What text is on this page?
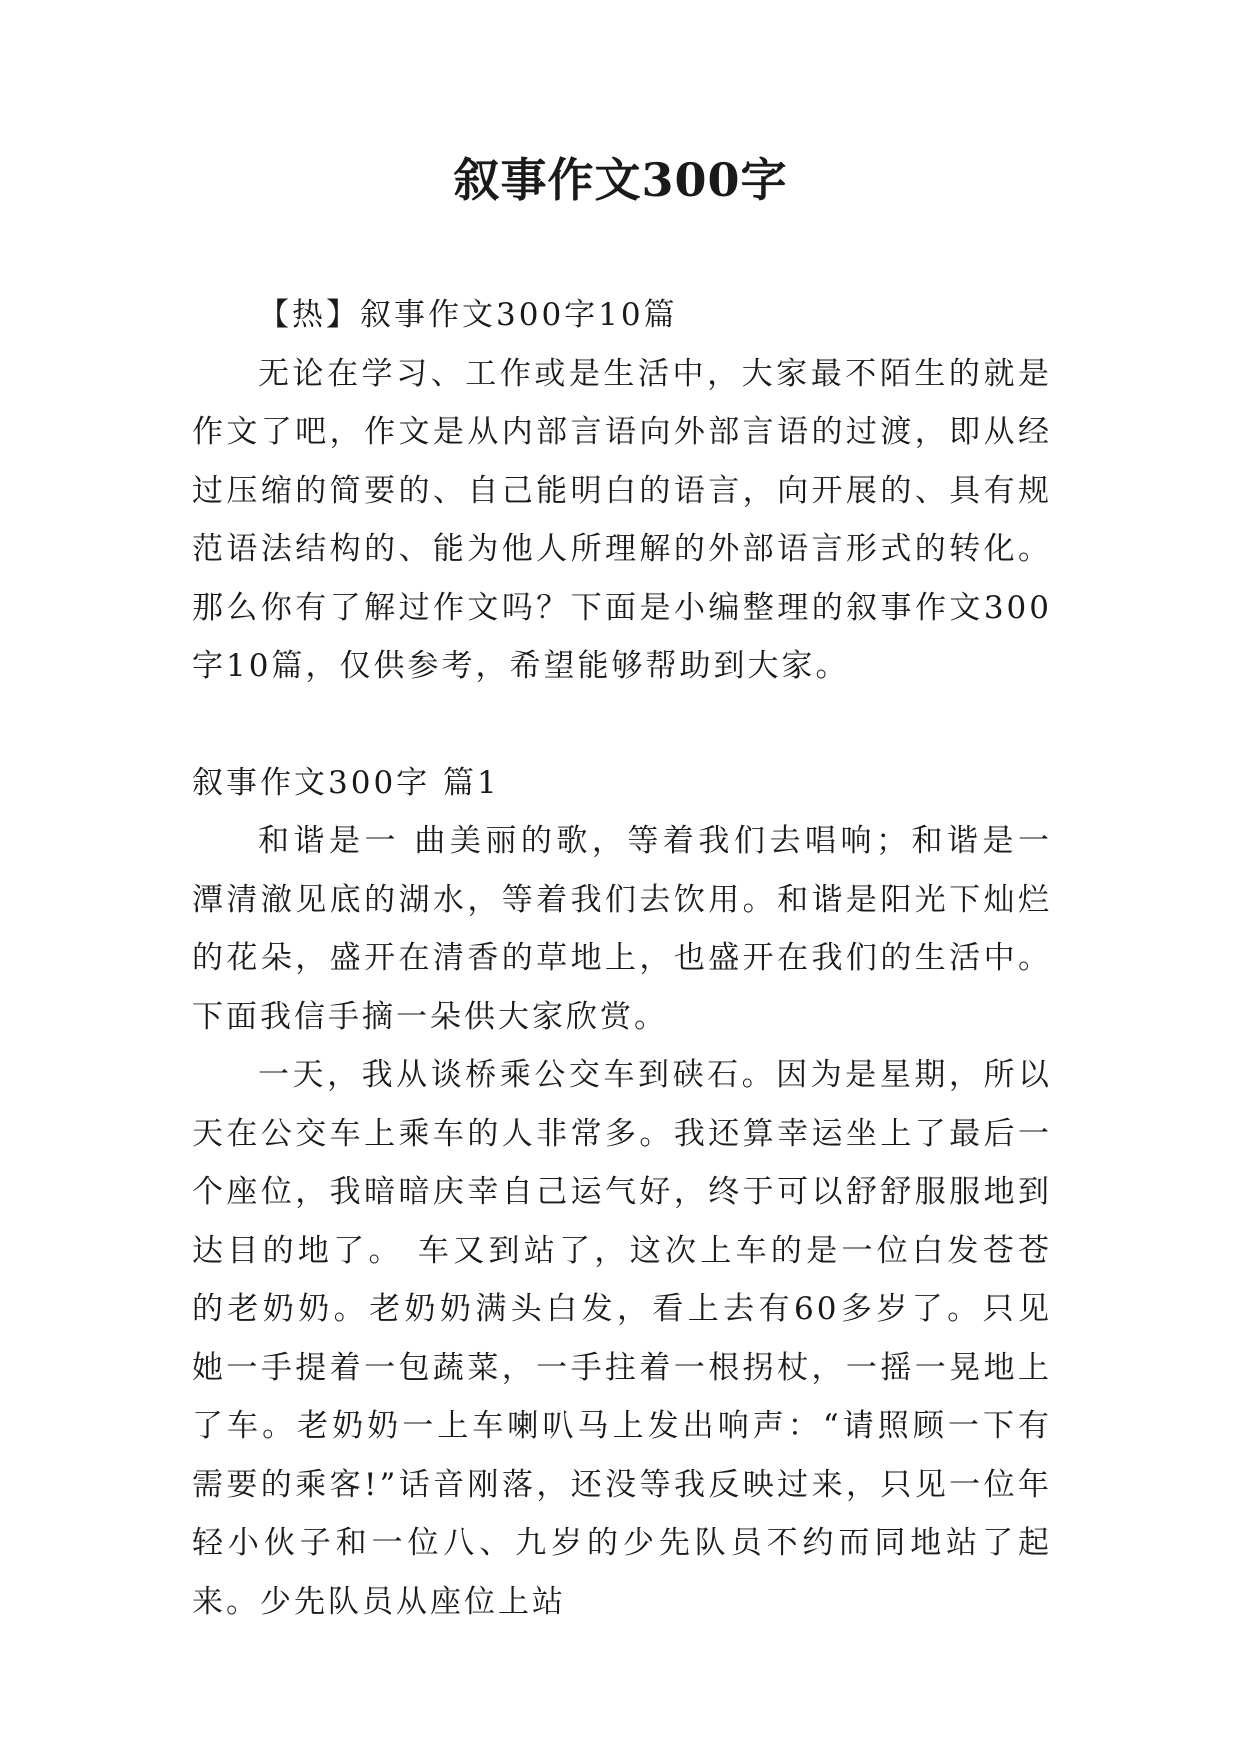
叙事作文300字

【热】叙事作文300字10篇

无论在学习、工作或是生活中，大家最不陌生的就是作文了吧，作文是从内部言语向外部言语的过渡，即从经过压缩的简要的、自己能明白的语言，向开展的、具有规范语法结构的、能为他人所理解的外部语言形式的转化。那么你有了解过作文吗？下面是小编整理的叙事作文300字10篇，仅供参考，希望能够帮助到大家。

叙事作文300字 篇1

和谐是一 曲美丽的歌，等着我们去唱响；和谐是一潭清澈见底的湖水，等着我们去饮用。和谐是阳光下灿烂的花朵，盛开在清香的草地上，也盛开在我们的生活中。下面我信手摘一朵供大家欣赏。

一天，我从谈桥乘公交车到硖石。因为是星期，所以天在公交车上乘车的人非常多。我还算幸运坐上了最后一个座位，我暗暗庆幸自己运气好，终于可以舒舒服服地到达目的地了。 车又到站了，这次上车的是一位白发苍苍的老奶奶。老奶奶满头白发，看上去有60多岁了。只见她一手提着一包蔬菜，一手拄着一根拐杖，一摇一晃地上了车。老奶奶一上车喇叭马上发出响声：“请照顾一下有需要的乘客!”话音刚落，还没等我反映过来，只见一位年轻小伙子和一位八、九岁的少先队员不约而同地站了起来。少先队员从座位上站
